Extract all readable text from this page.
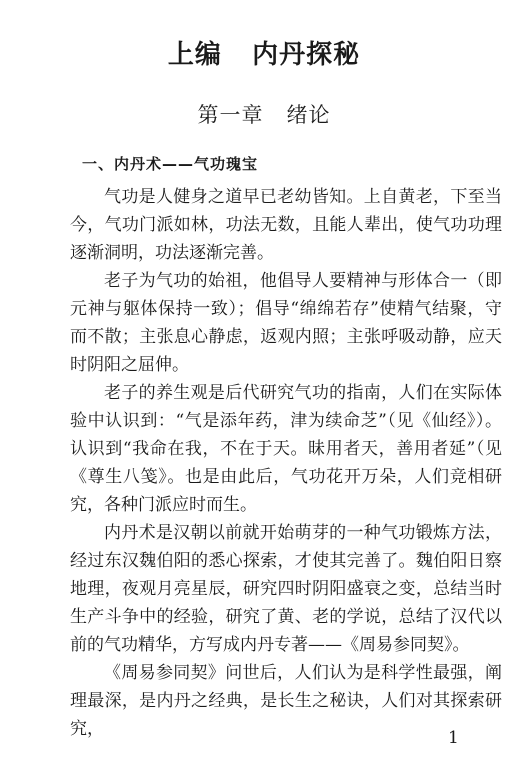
上编   内丹探秘
第一章   绪论
一、内丹术——气功瑰宝

气功是人健身之道早已老幼皆知。上自黄老，下至当今，气功门派如林，功法无数，且能人辈出，使气功功理逐渐洞明，功法逐渐完善。

老子为气功的始祖，他倡导人要精神与形体合一（即元神与躯体保持一致）；倡导“绵绵若存”使精气结聚，守而不散；主张息心静虑，返观内照；主张呼吸动静，应天时阴阳之屈伸。

老子的养生观是后代研究气功的指南，人们在实际体验中认识到：“气是添年药，津为续命芝”（见《仙经》）。认识到“我命在我，不在于天。昧用者天，善用者延”（见《尊生八笺》。也是由此后，气功花开万朵，人们竞相研究，各种门派应时而生。

内丹术是汉朝以前就开始萌芽的一种气功锻炼方法，经过东汉魏伯阳的悉心探索，才使其完善了。魏伯阳日察地理，夜观月亮星辰，研究四时阴阳盛衰之变，总结当时生产斗争中的经验，研究了黄、老的学说，总结了汉代以前的气功精华，方写成内丹专著——《周易参同契》。

《周易参同契》问世后，人们认为是科学性最强，阐理最深，是内丹之经典，是长生之秘诀，人们对其探索研究，	1
